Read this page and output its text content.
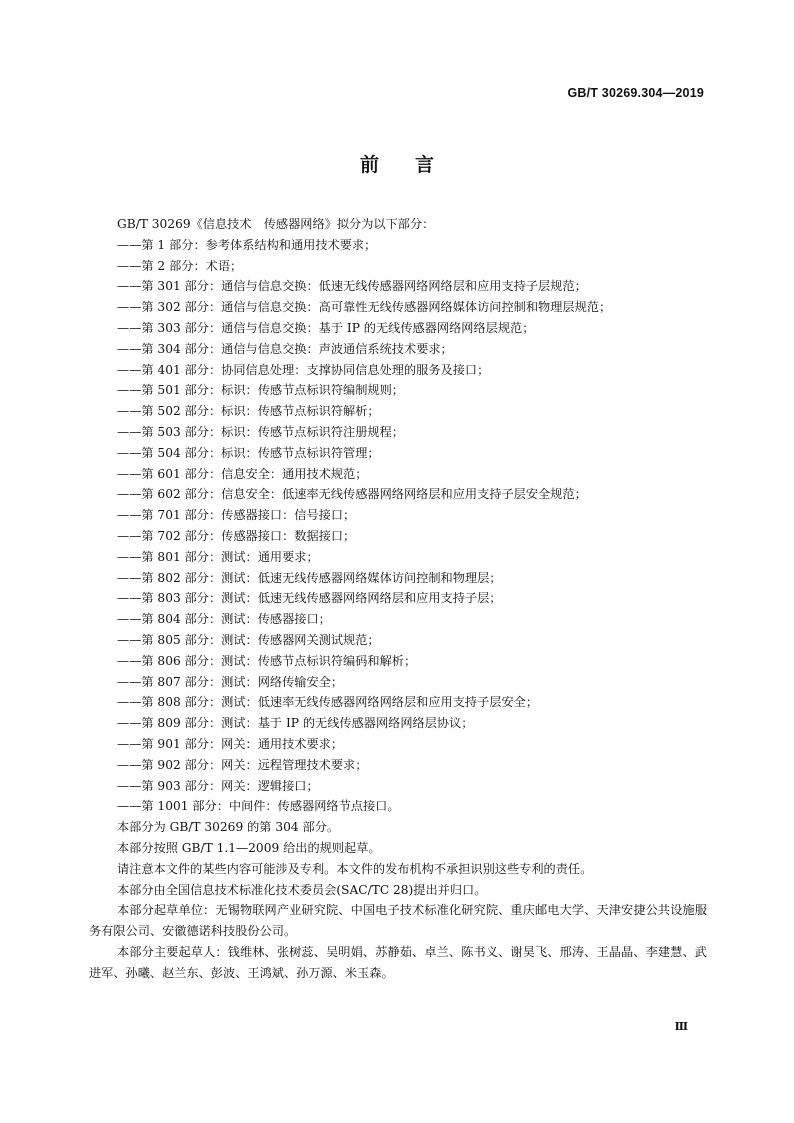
GB/T 30269.304—2019
前言
GB/T 30269《信息技术　传感器网络》拟分为以下部分：
——第 1 部分：参考体系结构和通用技术要求；
——第 2 部分：术语；
——第 301 部分：通信与信息交换：低速无线传感器网络网络层和应用支持子层规范；
——第 302 部分：通信与信息交换：高可靠性无线传感器网络媒体访问控制和物理层规范；
——第 303 部分：通信与信息交换：基于 IP 的无线传感器网络网络层规范；
——第 304 部分：通信与信息交换：声波通信系统技术要求；
——第 401 部分：协同信息处理：支撑协同信息处理的服务及接口；
——第 501 部分：标识：传感节点标识符编制规则；
——第 502 部分：标识：传感节点标识符解析；
——第 503 部分：标识：传感节点标识符注册规程；
——第 504 部分：标识：传感节点标识符管理；
——第 601 部分：信息安全：通用技术规范；
——第 602 部分：信息安全：低速率无线传感器网络网络层和应用支持子层安全规范；
——第 701 部分：传感器接口：信号接口；
——第 702 部分：传感器接口：数据接口；
——第 801 部分：测试：通用要求；
——第 802 部分：测试：低速无线传感器网络媒体访问控制和物理层；
——第 803 部分：测试：低速无线传感器网络网络层和应用支持子层；
——第 804 部分：测试：传感器接口；
——第 805 部分：测试：传感器网关测试规范；
——第 806 部分：测试：传感节点标识符编码和解析；
——第 807 部分：测试：网络传输安全；
——第 808 部分：测试：低速率无线传感器网络网络层和应用支持子层安全；
——第 809 部分：测试：基于 IP 的无线传感器网络网络层协议；
——第 901 部分：网关：通用技术要求；
——第 902 部分：网关：远程管理技术要求；
——第 903 部分：网关：逻辑接口；
——第 1001 部分：中间件：传感器网络节点接口。
本部分为 GB/T 30269 的第 304 部分。
本部分按照 GB/T 1.1—2009 给出的规则起草。
请注意本文件的某些内容可能涉及专利。本文件的发布机构不承担识别这些专利的责任。
本部分由全国信息技术标准化技术委员会(SAC/TC 28)提出并归口。
本部分起草单位：无锡物联网产业研究院、中国电子技术标准化研究院、重庆邮电大学、天津安捷公共设施服务有限公司、安徽德诺科技股份公司。
本部分主要起草人：钱维林、张树蕊、吴明娟、苏静茹、卓兰、陈书义、谢昊飞、邢涛、王晶晶、李建慧、武进军、孙曦、赵兰东、彭波、王鸿斌、孙万源、米玉森。
Ⅲ
